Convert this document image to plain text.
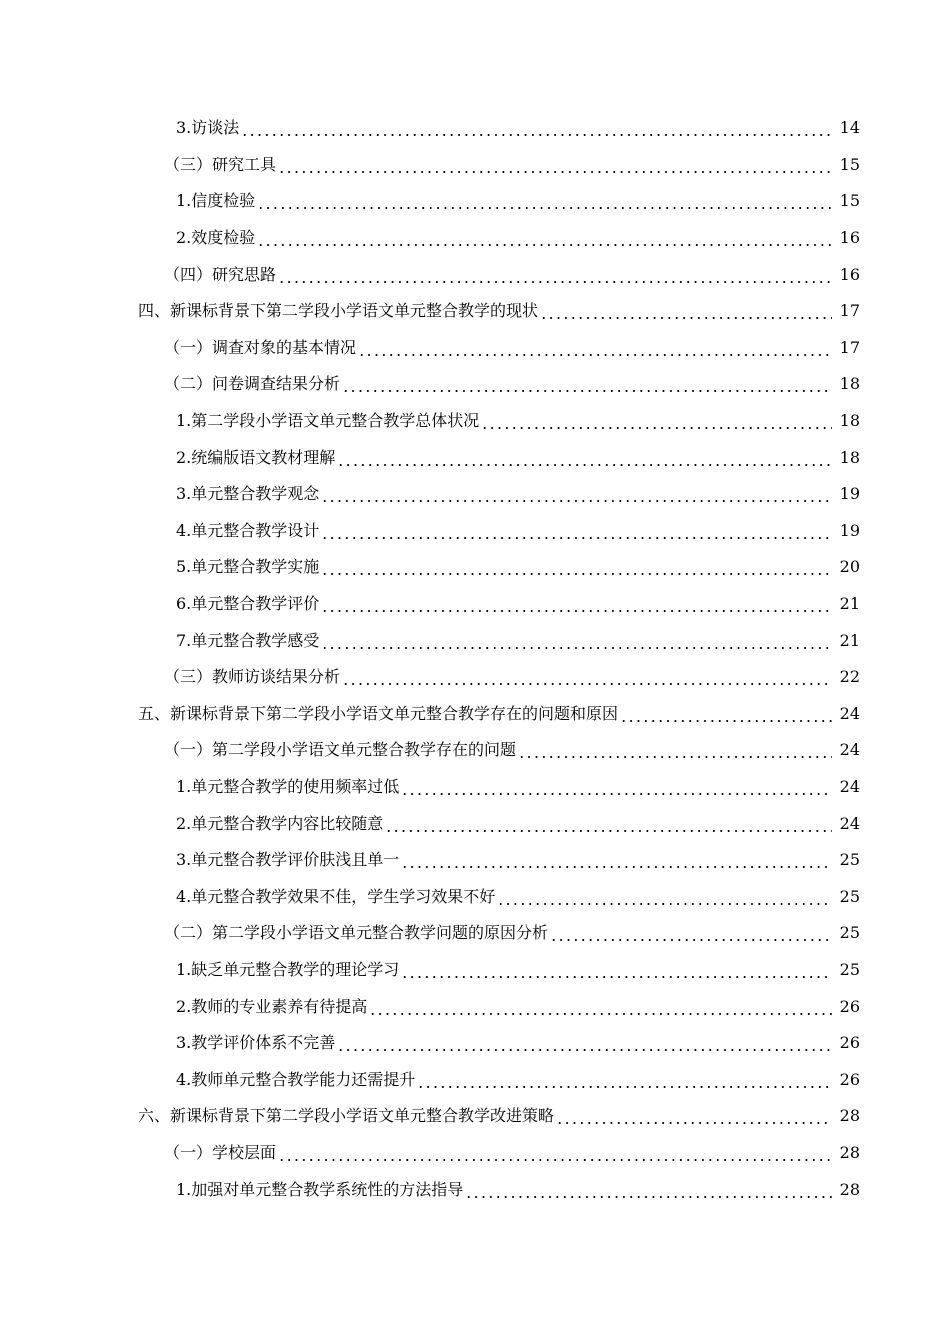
3.访谈法	14
（三）研究工具	15
1.信度检验	15
2.效度检验	16
（四）研究思路	16
四、新课标背景下第二学段小学语文单元整合教学的现状	17
（一）调查对象的基本情况	17
（二）问卷调查结果分析	18
1.第二学段小学语文单元整合教学总体状况	18
2.统编版语文教材理解	18
3.单元整合教学观念	19
4.单元整合教学设计	19
5.单元整合教学实施	20
6.单元整合教学评价	21
7.单元整合教学感受	21
（三）教师访谈结果分析	22
五、新课标背景下第二学段小学语文单元整合教学存在的问题和原因	24
（一）第二学段小学语文单元整合教学存在的问题	24
1.单元整合教学的使用频率过低	24
2.单元整合教学内容比较随意	24
3.单元整合教学评价肤浅且单一	25
4.单元整合教学效果不佳，学生学习效果不好	25
（二）第二学段小学语文单元整合教学问题的原因分析	25
1.缺乏单元整合教学的理论学习	25
2.教师的专业素养有待提高	26
3.教学评价体系不完善	26
4.教师单元整合教学能力还需提升	26
六、新课标背景下第二学段小学语文单元整合教学改进策略	28
（一）学校层面	28
1.加强对单元整合教学系统性的方法指导	28
